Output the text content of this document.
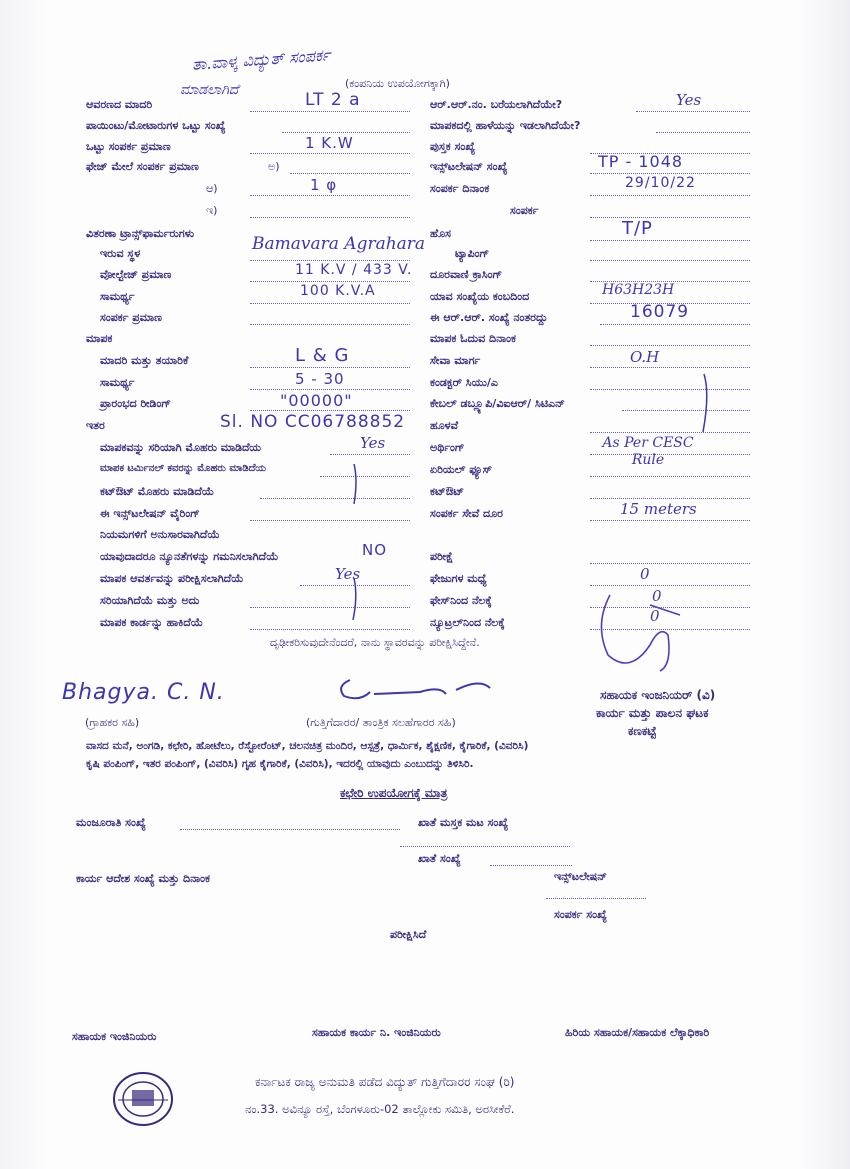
ತಾ.ವಾಳ್ಕ ವಿದ್ಯುತ್ ಸಂಪರ್ಕ
ಮಾಡಲಾಗಿದೆ	(ಕಂಪನಿಯ ಉಪಯೋಗಕ್ಕಾಗಿ)
ಆವರಣದ ಮಾದರಿ	LT 2 a
ಪಾಯಿಂಟು/ಮೋಟಾರುಗಳ ಒಟ್ಟು ಸಂಖ್ಯೆ
ಒಟ್ಟು ಸಂಪರ್ಕ ಪ್ರಮಾಣ	1 K.W
ಫೇಜ್ ಮೇಲೆ ಸಂಪರ್ಕ ಪ್ರಮಾಣ	ಅ)
ಆ)	1 φ
ಇ)
ವಿತರಣಾ ಟ್ರಾನ್ಸ್‌ಫಾರ್ಮರುಗಳು
ಇರುವ ಸ್ಥಳ	Bamavara Agrahara
ವೋಲ್ಟೇಜ್ ಪ್ರಮಾಣ	11 K.V / 433 V.
ಸಾಮರ್ಥ್ಯ	100 K.V.A
ಸಂಪರ್ಕ ಪ್ರಮಾಣ
ಮಾಪಕ
ಮಾದರಿ ಮತ್ತು ತಯಾರಿಕೆ	L & G
ಸಾಮರ್ಥ್ಯ	5 - 30
ಪ್ರಾರಂಭದ ರೀಡಿಂಗ್	"00000"
ಇತರ	Sl. NO CC06788852
ಮಾಪಕವನ್ನು ಸರಿಯಾಗಿ ಮೊಹರು ಮಾಡಿದೆಯ	Yes
ಮಾಪಕ ಟರ್ಮಿನಲ್ ಕವರನ್ನು ಮೊಹರು ಮಾಡಿದೆಯ
ಕಟ್‌ಔಟ್ ಮೊಹರು ಮಾಡಿದೆಯೆ
ಈ ಇನ್ಸ್‌ಟಲೇಷನ್ ವೈರಿಂಗ್
ನಿಯಮಗಳಿಗೆ ಅನುಸಾರವಾಗಿದೆಯೆ
ಯಾವುದಾದರೂ ನ್ಯೂನತೆಗಳನ್ನು ಗಮನಿಸಲಾಗಿದೆಯೆ	NO
ಮಾಪಕ ಆವರ್ತವನ್ನು ಪರೀಕ್ಷಿಸಲಾಗಿದೆಯೆ	Yes
ಸರಿಯಾಗಿದೆಯೆ ಮತ್ತು ಅದು
ಮಾಪಕ ಕಾರ್ಡನ್ನು ಹಾಕಿದೆಯೆ
ಆರ್.ಆರ್.ನಂ. ಬರೆಯಲಾಗಿದೆಯೇ?	Yes
ಮಾಪಕದಲ್ಲಿ ಹಾಳೆಯನ್ನು ಇಡಲಾಗಿದೆಯೇ?
ಪುಸ್ತಕ ಸಂಖ್ಯೆ
ಇನ್ಸ್‌ಟಲೇಷನ್ ಸಂಖ್ಯೆ	TP - 1048
ಸಂಪರ್ಕ ದಿನಾಂಕ	29/10/22
ಸಂಪರ್ಕ
ಹೊಸ	T/P
ಟ್ಯಾಪಿಂಗ್
ದೂರವಾಣಿ ಕ್ರಾಸಿಂಗ್
ಯಾವ ಸಂಖ್ಯೆಯ ಕಂಬದಿಂದ	H63H23H
ಈ ಆರ್.ಆರ್. ಸಂಖ್ಯೆ ನಂತರದ್ದು	16079
ಮಾಪಕ ಓದುವ ದಿನಾಂಕ
ಸೇವಾ ಮಾರ್ಗ	O.H
ಕಂಡಕ್ಟರ್ ಸಿಯು/ಎ
ಕೇಬಲ್ ಡಬ್ಲ್ಯೂಪಿ/ವಿಐಆರ್/ ಸಿಟಿಎನ್
ಹೂಳವೆ
ಅರ್ಥಿಂಗ್	As Per CESC Rule
ಏರಿಯಲ್ ಫ್ಯೂಸ್
ಕಟ್‌ಔಟ್
ಸಂಪರ್ಕ ಸೇವೆ ದೂರ	15 meters
ಪರೀಕ್ಷೆ
ಫೇಜುಗಳ ಮಧ್ಯೆ	0
ಫೇಸ್‌ನಿಂದ ನೆಲಕ್ಕೆ	0
ನ್ಯೂಟ್ರಲ್‌ನಿಂದ ನೆಲಕ್ಕೆ	0
ದೃಢೀಕರಿಸುವುದೇನೆಂದರೆ, ನಾನು ಸ್ಥಾವರವನ್ನು ಪರೀಕ್ಷಿಸಿದ್ದೇನೆ.
Bhagya. C. N.
(ಗ್ರಾಹಕರ ಸಹಿ)	(ಗುತ್ತಿಗೆದಾರರ/ ತಾಂತ್ರಿಕ ಸಲಹೆಗಾರರ ಸಹಿ)
ಸಹಾಯಕ ಇಂಜನಿಯರ್ (ವಿ)
ಕಾರ್ಯ ಮತ್ತು ಪಾಲನ ಘಟಕ
ಕಣಕಟ್ಟೆ
ವಾಸದ ಮನೆ, ಅಂಗಡಿ, ಕಛೇರಿ, ಹೋಟೆಲು, ರೆಸ್ಟೋರೆಂಟ್, ಚಲನಚಿತ್ರ ಮಂದಿರ, ಆಸ್ಪತ್ರೆ, ಧಾರ್ಮಿಕ, ಶೈಕ್ಷಣಿಕ, ಕೈಗಾರಿಕೆ, (ವಿವರಿಸಿ)
ಕೃಷಿ ಪಂಪಿಂಗ್, ಇತರ ಪಂಪಿಂಗ್, (ವಿವರಿಸಿ) ಗೃಹ ಕೈಗಾರಿಕೆ, (ವಿವರಿಸಿ), ಇದರಲ್ಲಿ ಯಾವುದು ಎಂಬುದನ್ನು ತಿಳಿಸಿರಿ.
ಕಛೇರಿ ಉಪಯೋಗಕ್ಕೆ ಮಾತ್ರ
ಮಂಜೂರಾತಿ ಸಂಖ್ಯೆ	ಖಾತೆ ಮಸ್ತಕ ಮಟ ಸಂಖ್ಯೆ
ಖಾತೆ ಸಂಖ್ಯೆ
ಕಾರ್ಯ ಆದೇಶ ಸಂಖ್ಯೆ ಮತ್ತು ದಿನಾಂಕ	ಇನ್ಸ್‌ಟಲೇಷನ್
ಸಂಪರ್ಕ ಸಂಖ್ಯೆ
ಪರೀಕ್ಷಿಸಿದೆ
ಸಹಾಯಕ ಇಂಜಿನಿಯರು	ಸಹಾಯಕ ಕಾರ್ಯ ನಿ. ಇಂಜಿನಿಯರು	ಹಿರಿಯ ಸಹಾಯಕ/ಸಹಾಯಕ ಲೆಕ್ಕಾಧಿಕಾರಿ
ಕರ್ನಾಟಕ ರಾಜ್ಯ ಅನುಮತಿ ಪಡೆದ ವಿದ್ಯುತ್ ಗುತ್ತಿಗೆದಾರರ ಸಂಘ (ರಿ)
ನಂ.33. ಅವಿನ್ಯೂ ರಸ್ತೆ, ಬೆಂಗಳೂರು-02 ತಾಲ್ಲೋಕು ಸಮಿತಿ, ಅರಸೀಕೆರೆ.
